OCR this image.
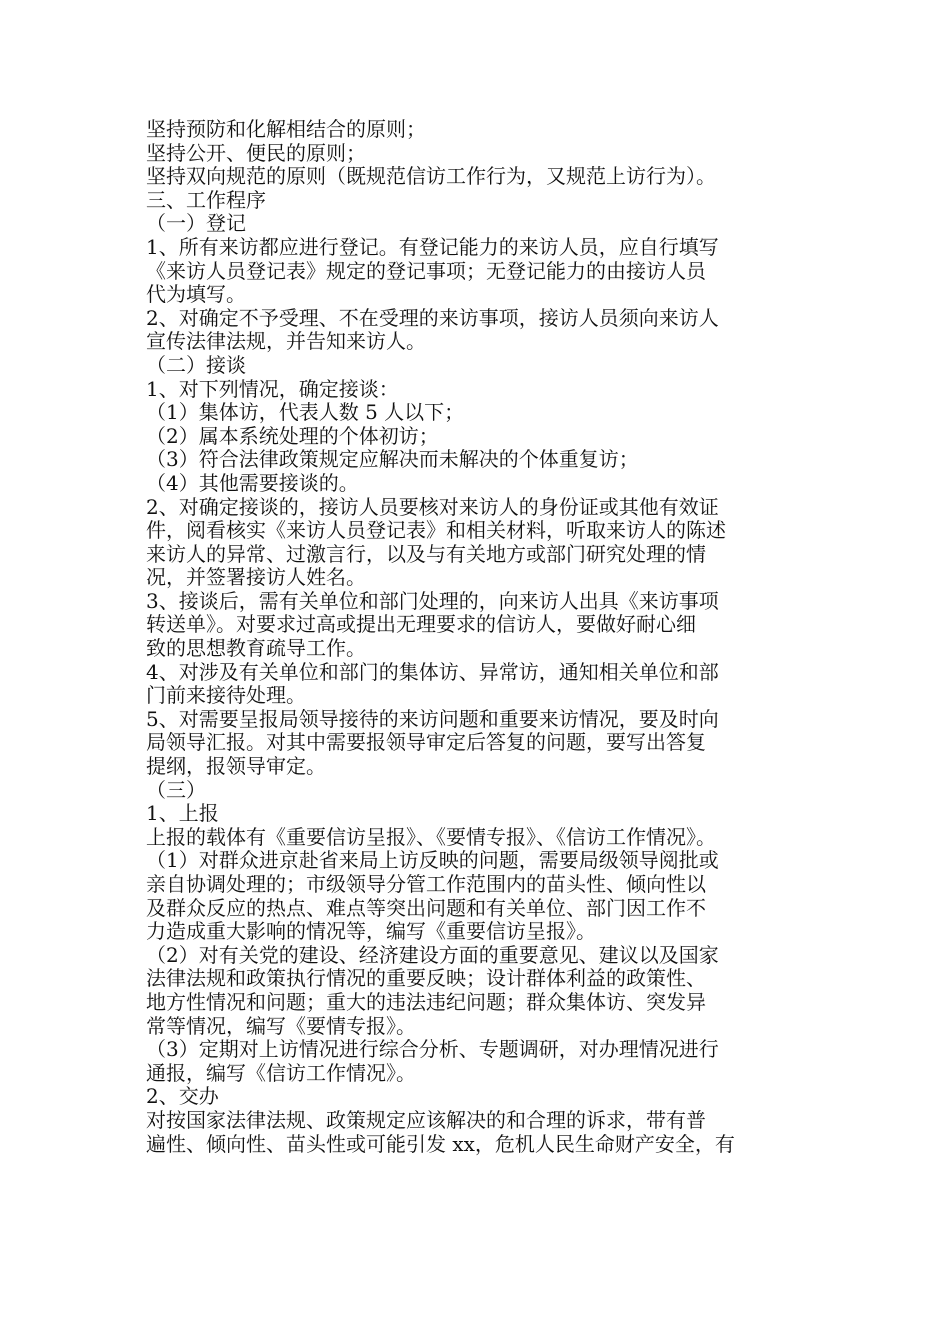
坚持预防和化解相结合的原则；
坚持公开、便民的原则；
坚持双向规范的原则（既规范信访工作行为，又规范上访行为）。
三、工作程序
（一）登记
1、所有来访都应进行登记。有登记能力的来访人员，应自行填写
《来访人员登记表》规定的登记事项；无登记能力的由接访人员
代为填写。
2、对确定不予受理、不在受理的来访事项，接访人员须向来访人
宣传法律法规，并告知来访人。
（二）接谈
1、对下列情况，确定接谈：
（1）集体访，代表人数 5 人以下；
（2）属本系统处理的个体初访；
（3）符合法律政策规定应解决而未解决的个体重复访；
（4）其他需要接谈的。
2、对确定接谈的，接访人员要核对来访人的身份证或其他有效证
件，阅看核实《来访人员登记表》和相关材料，听取来访人的陈述
来访人的异常、过激言行，以及与有关地方或部门研究处理的情
况，并签署接访人姓名。
3、接谈后，需有关单位和部门处理的，向来访人出具《来访事项
转送单》。对要求过高或提出无理要求的信访人，要做好耐心细
致的思想教育疏导工作。
4、对涉及有关单位和部门的集体访、异常访，通知相关单位和部
门前来接待处理。
5、对需要呈报局领导接待的来访问题和重要来访情况，要及时向
局领导汇报。对其中需要报领导审定后答复的问题，要写出答复
提纲，报领导审定。
（三）
1、上报
上报的载体有《重要信访呈报》、《要情专报》、《信访工作情况》。
（1）对群众进京赴省来局上访反映的问题，需要局级领导阅批或
亲自协调处理的；市级领导分管工作范围内的苗头性、倾向性以
及群众反应的热点、难点等突出问题和有关单位、部门因工作不
力造成重大影响的情况等，编写《重要信访呈报》。
（2）对有关党的建设、经济建设方面的重要意见、建议以及国家
法律法规和政策执行情况的重要反映；设计群体利益的政策性、
地方性情况和问题；重大的违法违纪问题；群众集体访、突发异
常等情况，编写《要情专报》。
（3）定期对上访情况进行综合分析、专题调研，对办理情况进行
通报，编写《信访工作情况》。
2、交办
对按国家法律法规、政策规定应该解决的和合理的诉求，带有普
遍性、倾向性、苗头性或可能引发 xx，危机人民生命财产安全，有
